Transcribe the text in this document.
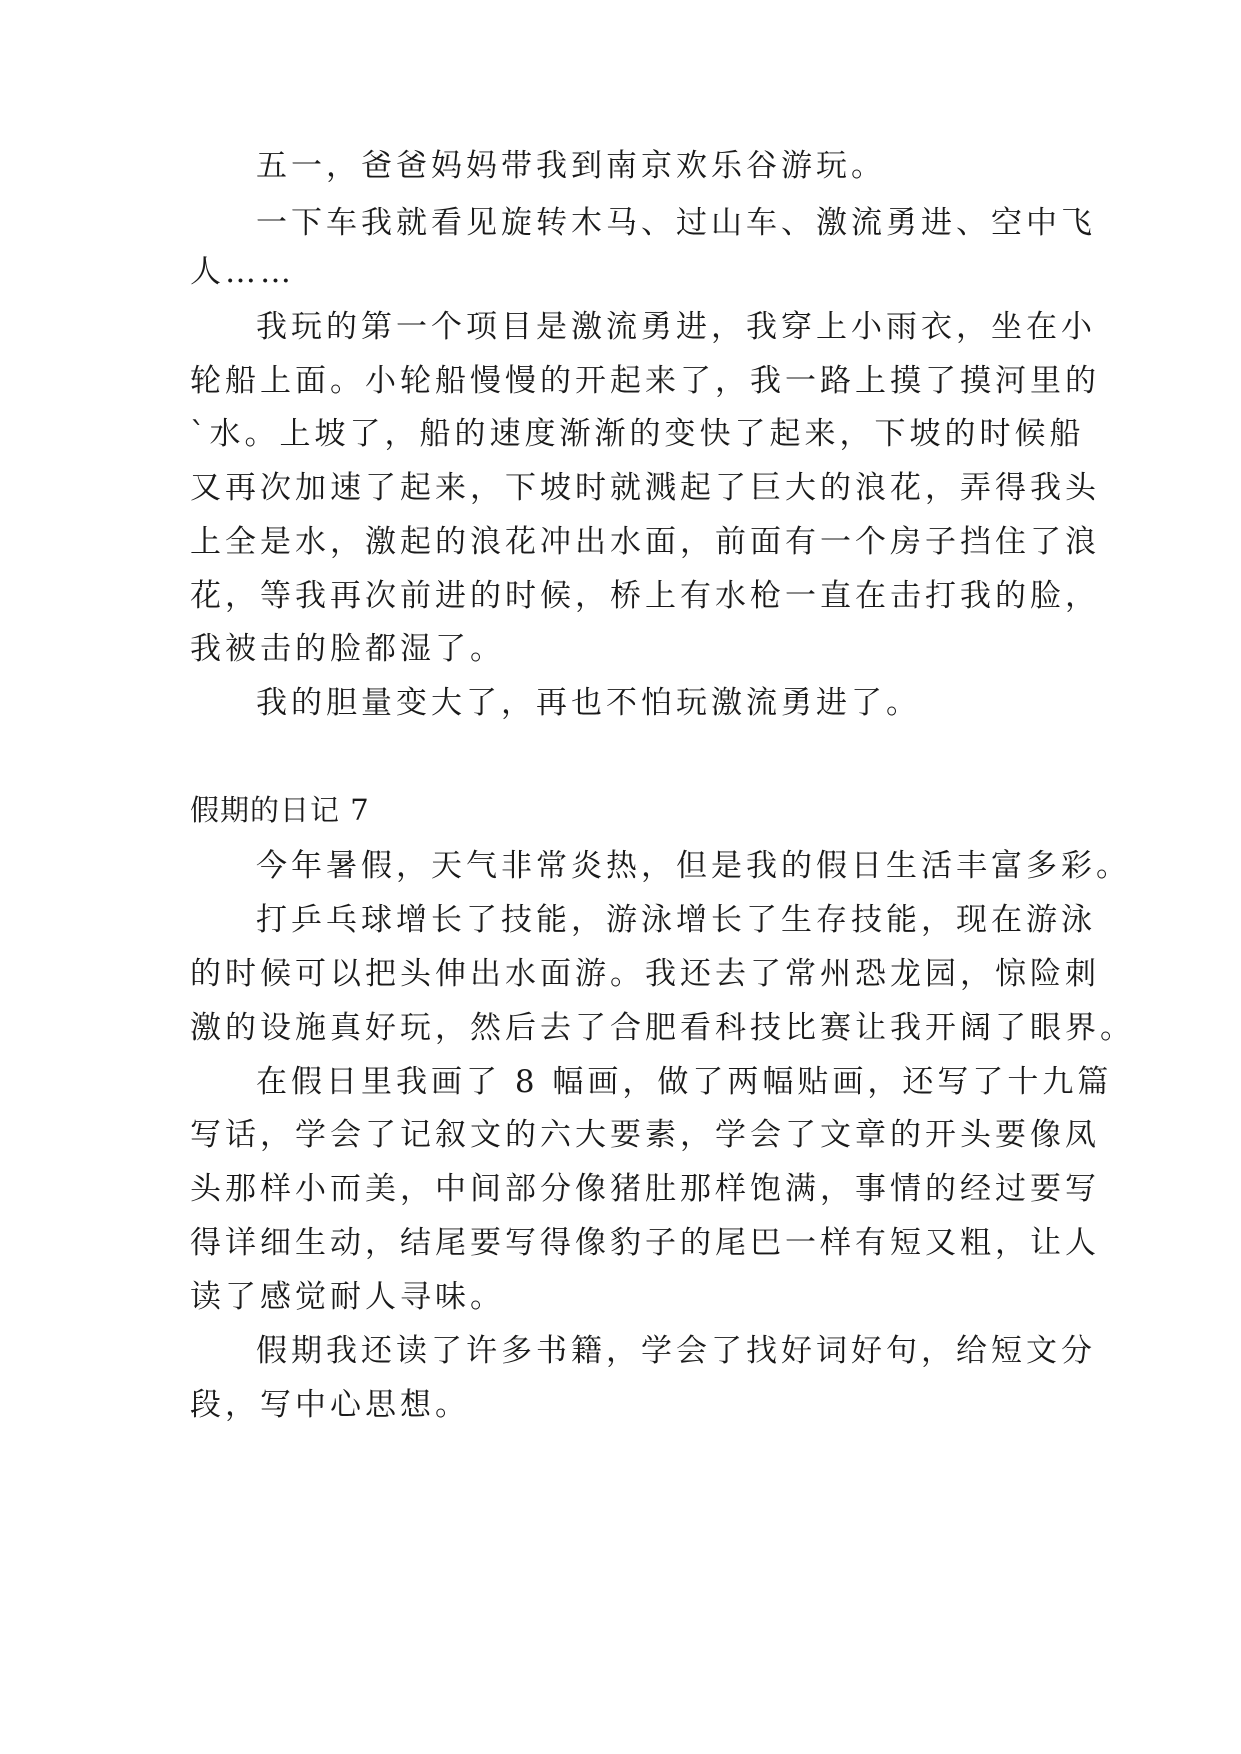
五一，爸爸妈妈带我到南京欢乐谷游玩。

一下车我就看见旋转木马、过山车、激流勇进、空中飞

人……

我玩的第一个项目是激流勇进，我穿上小雨衣，坐在小

轮船上面。小轮船慢慢的开起来了，我一路上摸了摸河里的

`水。上坡了，船的速度渐渐的变快了起来，下坡的时候船

又再次加速了起来，下坡时就溅起了巨大的浪花，弄得我头

上全是水，激起的浪花冲出水面，前面有一个房子挡住了浪

花，等我再次前进的时候，桥上有水枪一直在击打我的脸，

我被击的脸都湿了。

我的胆量变大了，再也不怕玩激流勇进了。

假期的日记 7

今年暑假，天气非常炎热，但是我的假日生活丰富多彩。

打乒乓球增长了技能，游泳增长了生存技能，现在游泳

的时候可以把头伸出水面游。我还去了常州恐龙园，惊险刺

激的设施真好玩，然后去了合肥看科技比赛让我开阔了眼界。

在假日里我画了 8 幅画，做了两幅贴画，还写了十九篇

写话，学会了记叙文的六大要素，学会了文章的开头要像凤

头那样小而美，中间部分像猪肚那样饱满，事情的经过要写

得详细生动，结尾要写得像豹子的尾巴一样有短又粗，让人

读了感觉耐人寻味。

假期我还读了许多书籍，学会了找好词好句，给短文分

段，写中心思想。
